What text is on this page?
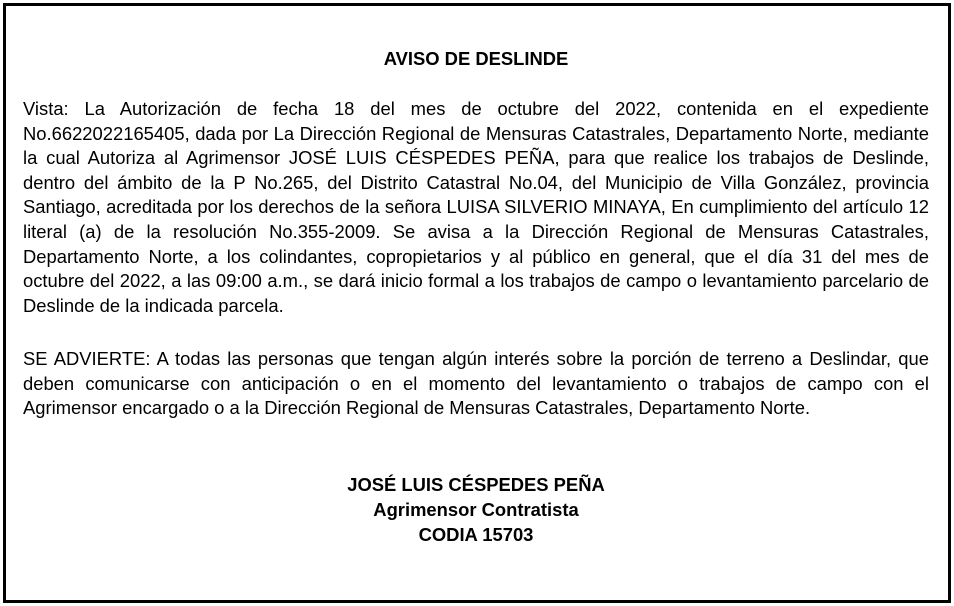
AVISO DE DESLINDE

Vista: La Autorización de fecha 18 del mes de octubre del 2022, contenida en el expediente No.6622022165405, dada por La Dirección Regional de Mensuras Catastrales, Departamento Norte, mediante la cual Autoriza al Agrimensor JOSÉ LUIS CÉSPEDES PEÑA, para que realice los trabajos de Deslinde, dentro del ámbito de la P No.265, del Distrito Catastral No.04, del Municipio de Villa González, provincia Santiago, acreditada por los derechos de la señora LUISA SILVERIO MINAYA, En cumplimiento del artículo 12 literal (a) de la resolución No.355-2009. Se avisa a la Dirección Regional de Mensuras Catastrales, Departamento Norte, a los colindantes, copropietarios y al público en general, que el día 31 del mes de octubre del 2022, a las 09:00 a.m., se dará inicio formal a los trabajos de campo o levantamiento parcelario de Deslinde de la indicada parcela.

SE ADVIERTE: A todas las personas que tengan algún interés sobre la porción de terreno a Deslindar, que deben comunicarse con anticipación o en el momento del levantamiento o trabajos de campo con el Agrimensor encargado o a la Dirección Regional de Mensuras Catastrales, Departamento Norte.

JOSÉ LUIS CÉSPEDES PEÑA

Agrimensor Contratista

CODIA 15703
